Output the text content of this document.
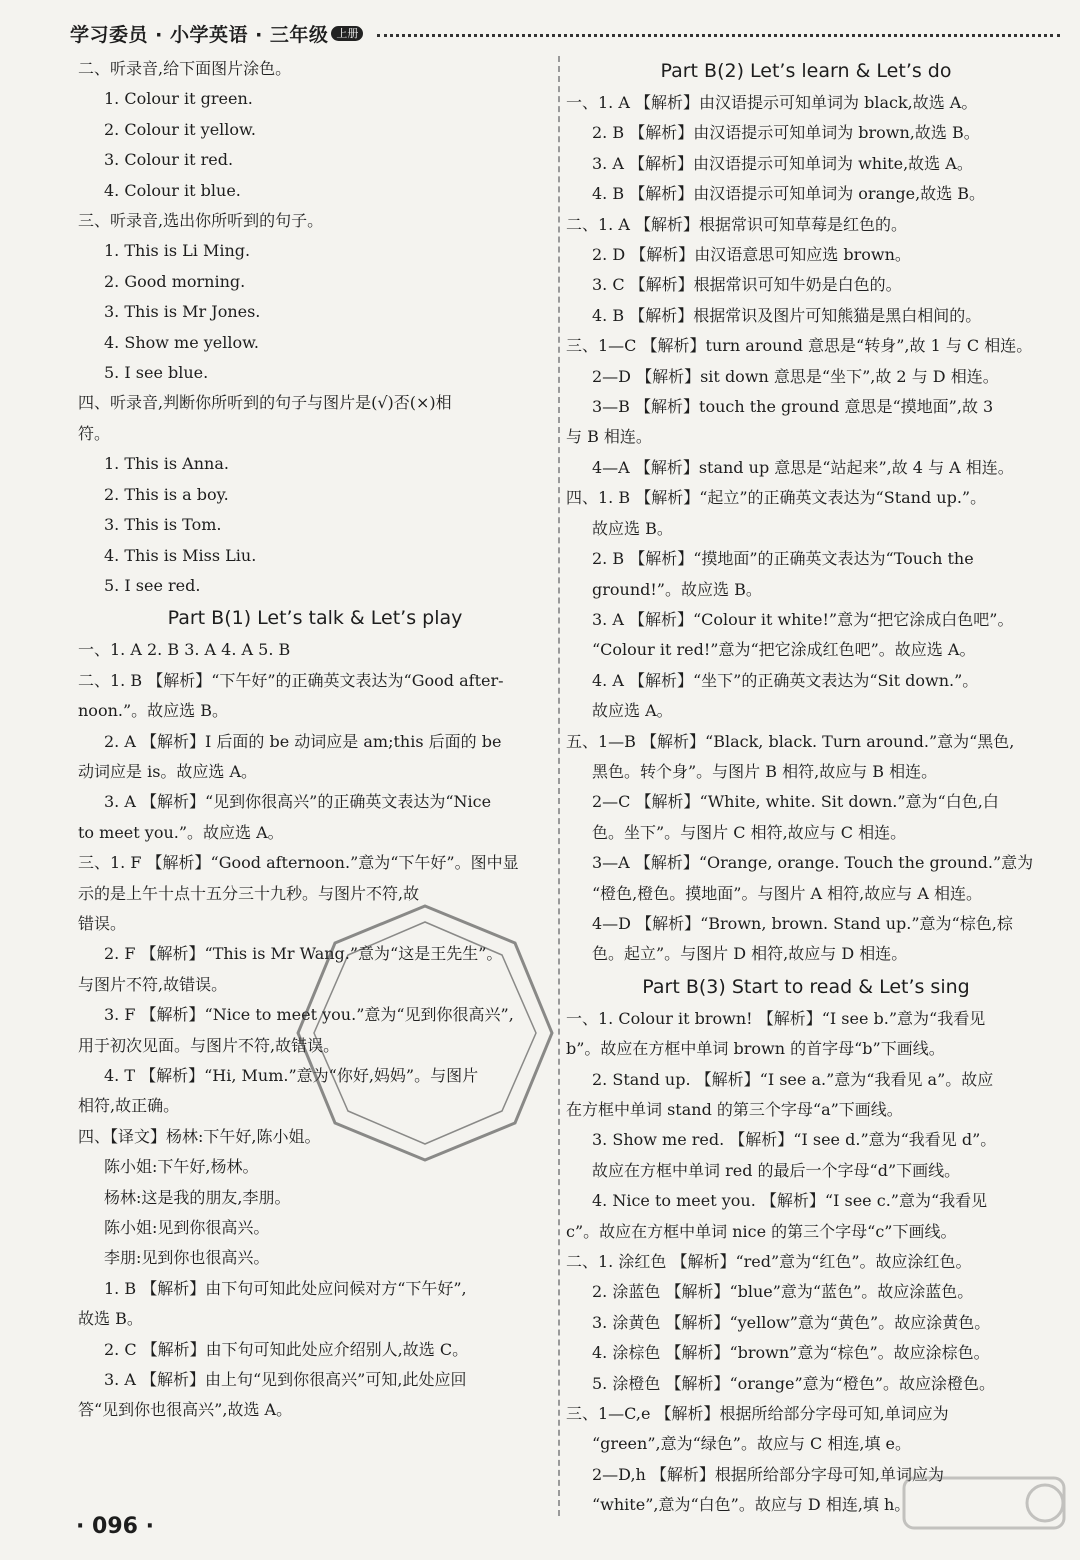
学习委员 · 小学英语 · 三年级 上册
二、听录音,给下面图片涂色。
1. Colour it green.
2. Colour it yellow.
3. Colour it red.
4. Colour it blue.
三、听录音,选出你所听到的句子。
1. This is Li Ming.
2. Good morning.
3. This is Mr Jones.
4. Show me yellow.
5. I see blue.
四、听录音,判断你所听到的句子与图片是(√)否(×)相
符。
1. This is Anna.
2. This is a boy.
3. This is Tom.
4. This is Miss Liu.
5. I see red.
Part B(1) Let’s talk & Let’s play
一、1. A 2. B 3. A 4. A 5. B
二、1. B 【解析】“下午好”的正确英文表达为“Good after-
noon.”。故应选 B。
2. A 【解析】I 后面的 be 动词应是 am;this 后面的 be
动词应是 is。故应选 A。
3. A 【解析】“见到你很高兴”的正确英文表达为“Nice
to meet you.”。故应选 A。
三、1. F 【解析】“Good afternoon.”意为“下午好”。图中显
示的是上午十点十五分三十九秒。与图片不符,故
错误。
2. F 【解析】“This is Mr Wang.”意为“这是王先生”。
与图片不符,故错误。
3. F 【解析】“Nice to meet you.”意为“见到你很高兴”,
用于初次见面。与图片不符,故错误。
4. T 【解析】“Hi, Mum.”意为“你好,妈妈”。与图片
相符,故正确。
四、【译文】杨林:下午好,陈小姐。
陈小姐:下午好,杨林。
杨林:这是我的朋友,李朋。
陈小姐:见到你很高兴。
李朋:见到你也很高兴。
1. B 【解析】由下句可知此处应问候对方“下午好”,
故选 B。
2. C 【解析】由下句可知此处应介绍别人,故选 C。
3. A 【解析】由上句“见到你很高兴”可知,此处应回
答“见到你也很高兴”,故选 A。
Part B(2) Let’s learn & Let’s do
一、1. A 【解析】由汉语提示可知单词为 black,故选 A。
2. B 【解析】由汉语提示可知单词为 brown,故选 B。
3. A 【解析】由汉语提示可知单词为 white,故选 A。
4. B 【解析】由汉语提示可知单词为 orange,故选 B。
二、1. A 【解析】根据常识可知草莓是红色的。
2. D 【解析】由汉语意思可知应选 brown。
3. C 【解析】根据常识可知牛奶是白色的。
4. B 【解析】根据常识及图片可知熊猫是黑白相间的。
三、1—C 【解析】turn around 意思是“转身”,故 1 与 C 相连。
2—D 【解析】sit down 意思是“坐下”,故 2 与 D 相连。
3—B 【解析】touch the ground 意思是“摸地面”,故 3
与 B 相连。
4—A 【解析】stand up 意思是“站起来”,故 4 与 A 相连。
四、1. B 【解析】“起立”的正确英文表达为“Stand up.”。
故应选 B。
2. B 【解析】“摸地面”的正确英文表达为“Touch the
ground!”。故应选 B。
3. A 【解析】“Colour it white!”意为“把它涂成白色吧”。
“Colour it red!”意为“把它涂成红色吧”。故应选 A。
4. A 【解析】“坐下”的正确英文表达为“Sit down.”。
故应选 A。
五、1—B 【解析】“Black, black. Turn around.”意为“黑色,
黑色。转个身”。与图片 B 相符,故应与 B 相连。
2—C 【解析】“White, white. Sit down.”意为“白色,白
色。坐下”。与图片 C 相符,故应与 C 相连。
3—A 【解析】“Orange, orange. Touch the ground.”意为
“橙色,橙色。摸地面”。与图片 A 相符,故应与 A 相连。
4—D 【解析】“Brown, brown. Stand up.”意为“棕色,棕
色。起立”。与图片 D 相符,故应与 D 相连。
Part B(3) Start to read & Let’s sing
一、1. Colour it brown! 【解析】“I see b.”意为“我看见
b”。故应在方框中单词 brown 的首字母“b”下画线。
2. Stand up. 【解析】“I see a.”意为“我看见 a”。故应
在方框中单词 stand 的第三个字母“a”下画线。
3. Show me red. 【解析】“I see d.”意为“我看见 d”。
故应在方框中单词 red 的最后一个字母“d”下画线。
4. Nice to meet you. 【解析】“I see c.”意为“我看见
c”。故应在方框中单词 nice 的第三个字母“c”下画线。
二、1. 涂红色 【解析】“red”意为“红色”。故应涂红色。
2. 涂蓝色 【解析】“blue”意为“蓝色”。故应涂蓝色。
3. 涂黄色 【解析】“yellow”意为“黄色”。故应涂黄色。
4. 涂棕色 【解析】“brown”意为“棕色”。故应涂棕色。
5. 涂橙色 【解析】“orange”意为“橙色”。故应涂橙色。
三、1—C,e 【解析】根据所给部分字母可知,单词应为
“green”,意为“绿色”。故应与 C 相连,填 e。
2—D,h 【解析】根据所给部分字母可知,单词应为
“white”,意为“白色”。故应与 D 相连,填 h。
· 096 ·
